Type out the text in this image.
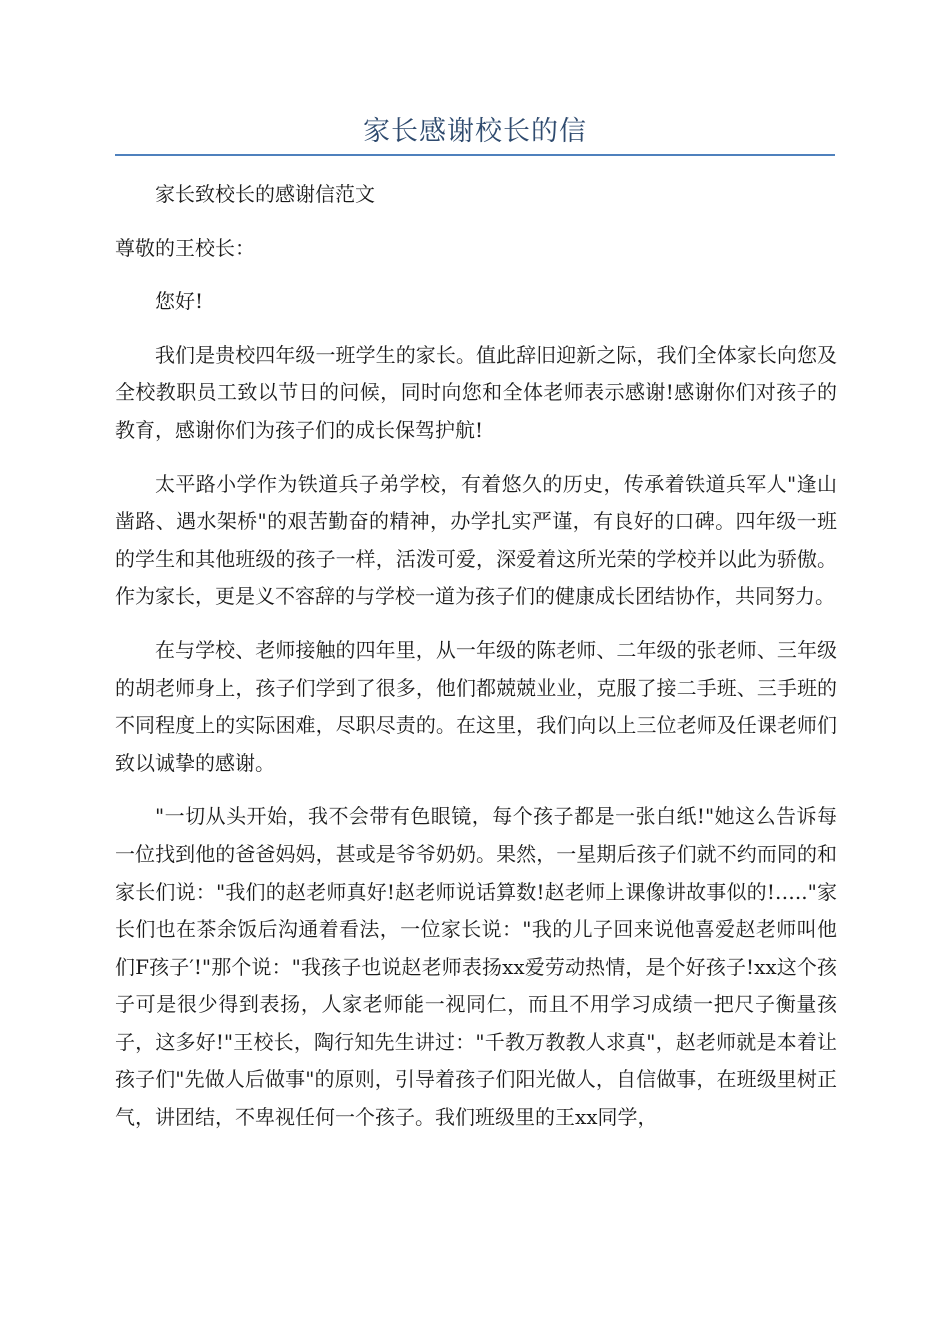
家长感谢校长的信

家长致校长的感谢信范文

尊敬的王校长：

您好!

我们是贵校四年级一班学生的家长。值此辞旧迎新之际，我们全体家长向您及全校教职员工致以节日的问候，同时向您和全体老师表示感谢!感谢你们对孩子的教育，感谢你们为孩子们的成长保驾护航!

太平路小学作为铁道兵子弟学校，有着悠久的历史，传承着铁道兵军人"逢山凿路、遇水架桥"的艰苦勤奋的精神，办学扎实严谨，有良好的口碑。四年级一班的学生和其他班级的孩子一样，活泼可爱，深爱着这所光荣的学校并以此为骄傲。作为家长，更是义不容辞的与学校一道为孩子们的健康成长团结协作，共同努力。

在与学校、老师接触的四年里，从一年级的陈老师、二年级的张老师、三年级的胡老师身上，孩子们学到了很多，他们都兢兢业业，克服了接二手班、三手班的不同程度上的实际困难，尽职尽责的。在这里，我们向以上三位老师及任课老师们致以诚挚的感谢。

"一切从头开始，我不会带有色眼镜，每个孩子都是一张白纸!"她这么告诉每一位找到他的爸爸妈妈，甚或是爷爷奶奶。果然，一星期后孩子们就不约而同的和家长们说："我们的赵老师真好!赵老师说话算数!赵老师上课像讲故事似的!….."家长们也在茶余饭后沟通着看法，一位家长说："我的儿子回来说他喜爱赵老师叫他们F孩子′!"那个说："我孩子也说赵老师表扬xx爱劳动热情，是个好孩子!xx这个孩子可是很少得到表扬，人家老师能一视同仁，而且不用学习成绩一把尺子衡量孩子，这多好!"王校长，陶行知先生讲过："千教万教教人求真"，赵老师就是本着让孩子们"先做人后做事"的原则，引导着孩子们阳光做人，自信做事，在班级里树正气，讲团结，不卑视任何一个孩子。我们班级里的王xx同学，
